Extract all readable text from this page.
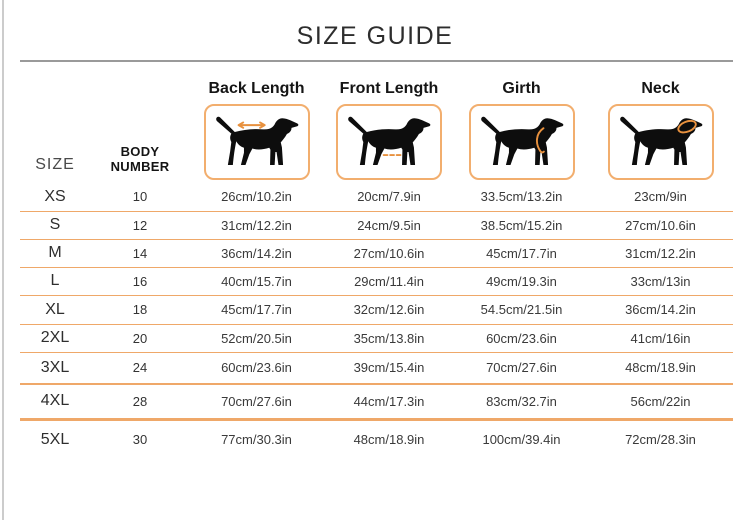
SIZE GUIDE
Back Length	Front Length	Girth	Neck
SIZE
BODY NUMBER
XS	10	26cm/10.2in	20cm/7.9in	33.5cm/13.2in	23cm/9in
S	12	31cm/12.2in	24cm/9.5in	38.5cm/15.2in	27cm/10.6in
M	14	36cm/14.2in	27cm/10.6in	45cm/17.7in	31cm/12.2in
L	16	40cm/15.7in	29cm/11.4in	49cm/19.3in	33cm/13in
XL	18	45cm/17.7in	32cm/12.6in	54.5cm/21.5in	36cm/14.2in
2XL	20	52cm/20.5in	35cm/13.8in	60cm/23.6in	41cm/16in
3XL	24	60cm/23.6in	39cm/15.4in	70cm/27.6in	48cm/18.9in
4XL	28	70cm/27.6in	44cm/17.3in	83cm/32.7in	56cm/22in
5XL	30	77cm/30.3in	48cm/18.9in	100cm/39.4in	72cm/28.3in
